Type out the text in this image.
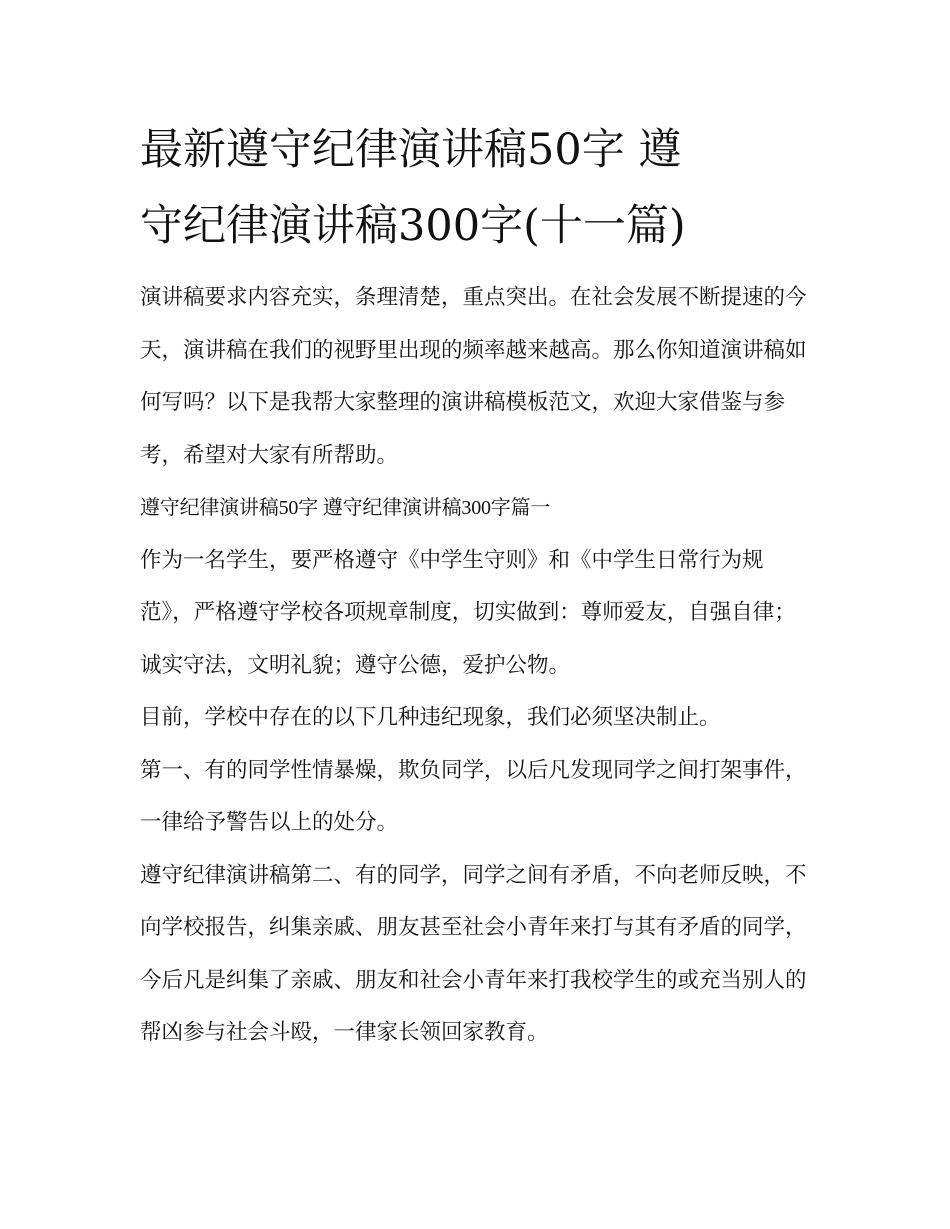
最新遵守纪律演讲稿50字 遵
守纪律演讲稿300字(十一篇)

演讲稿要求内容充实，条理清楚，重点突出。在社会发展不断提速的今天，演讲稿在我们的视野里出现的频率越来越高。那么你知道演讲稿如何写吗？以下是我帮大家整理的演讲稿模板范文，欢迎大家借鉴与参考，希望对大家有所帮助。

遵守纪律演讲稿50字 遵守纪律演讲稿300字篇一

作为一名学生，要严格遵守《中学生守则》和《中学生日常行为规范》，严格遵守学校各项规章制度，切实做到：尊师爱友，自强自律；诚实守法，文明礼貌；遵守公德，爱护公物。

目前，学校中存在的以下几种违纪现象，我们必须坚决制止。

第一、有的同学性情暴燥，欺负同学，以后凡发现同学之间打架事件，一律给予警告以上的处分。

遵守纪律演讲稿第二、有的同学，同学之间有矛盾，不向老师反映，不向学校报告，纠集亲戚、朋友甚至社会小青年来打与其有矛盾的同学，今后凡是纠集了亲戚、朋友和社会小青年来打我校学生的或充当别人的帮凶参与社会斗殴，一律家长领回家教育。
